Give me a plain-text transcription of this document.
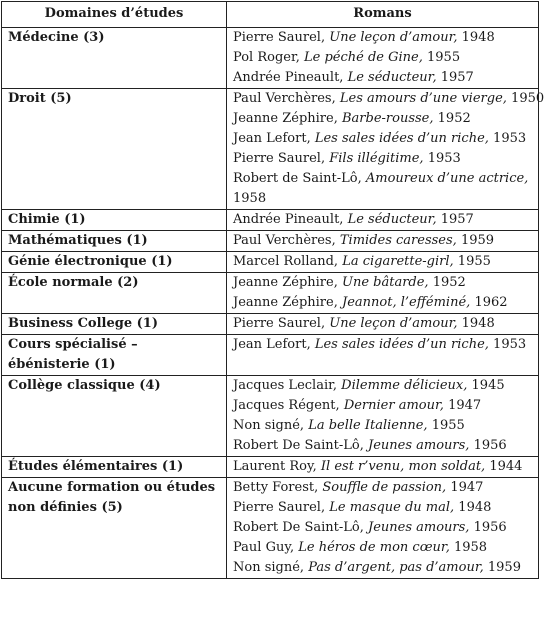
Domaines d’études	Romans
Médecine (3)	Pierre Saurel, Une leçon d’amour, 1948
Pol Roger, Le péché de Gine, 1955
Andrée Pineault, Le séducteur, 1957

Droit (5)	Paul Verchères, Les amours d’une vierge, 1950
Jeanne Zéphire, Barbe-rousse, 1952
Jean Lefort, Les sales idées d’un riche, 1953
Pierre Saurel, Fils illégitime, 1953
Robert de Saint-Lô, Amoureux d’une actrice, 1958

Chimie (1)	Andrée Pineault, Le séducteur, 1957

Mathématiques (1)	Paul Verchères, Timides caresses, 1959

Génie électronique (1)	Marcel Rolland, La cigarette-girl, 1955

École normale (2)	Jeanne Zéphire, Une bâtarde, 1952
Jeanne Zéphire, Jeannot, l’efféminé, 1962

Business College (1)	Pierre Saurel, Une leçon d’amour, 1948

Cours spécialisé – ébénisterie (1)	Jean Lefort, Les sales idées d’un riche, 1953

Collège classique (4)	Jacques Leclair, Dilemme délicieux, 1945
Jacques Régent, Dernier amour, 1947
Non signé, La belle Italienne, 1955
Robert De Saint-Lô, Jeunes amours, 1956

Études élémentaires (1)	Laurent Roy, Il est r’venu, mon soldat, 1944

Aucune formation ou études non définies (5)	Betty Forest, Souffle de passion, 1947
Pierre Saurel, Le masque du mal, 1948
Robert De Saint-Lô, Jeunes amours, 1956
Paul Guy, Le héros de mon cœur, 1958
Non signé, Pas d’argent, pas d’amour, 1959
